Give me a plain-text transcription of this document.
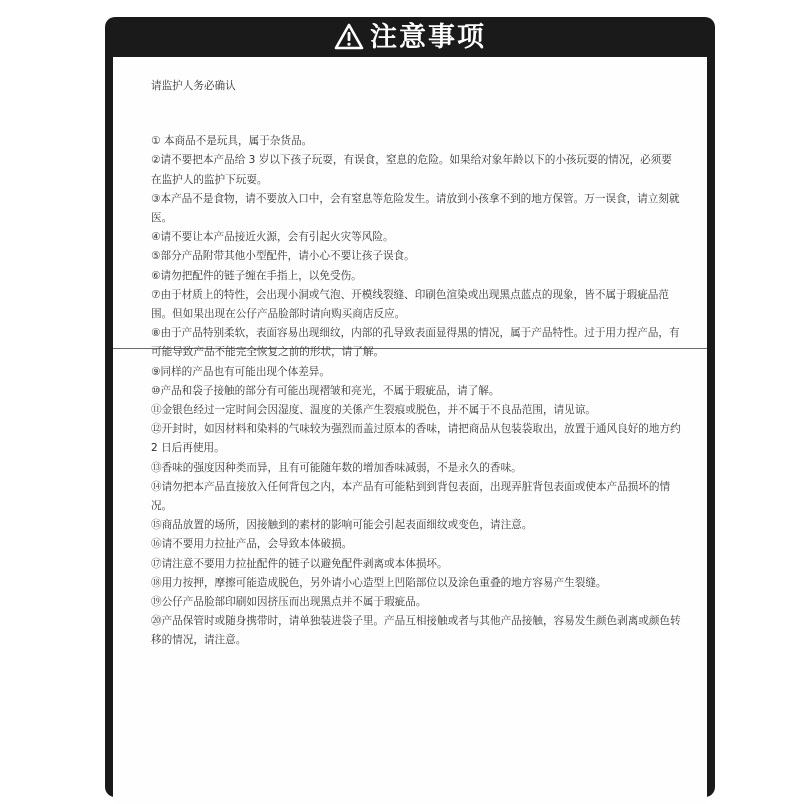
注意事项

请监护人务必确认

① 本商品不是玩具，属于杂货品。
②请不要把本产品给 3 岁以下孩子玩耍，有误食，窒息的危险。如果给对象年龄以下的小孩玩耍的情况，必须要在监护人的监护下玩耍。
③本产品不是食物，请不要放入口中，会有窒息等危险发生。请放到小孩拿不到的地方保管。万一误食，请立刻就医。
④请不要让本产品接近火源，会有引起火灾等风险。
⑤部分产品附带其他小型配件，请小心不要让孩子误食。
⑥请勿把配件的链子缠在手指上，以免受伤。
⑦由于材质上的特性，会出现小洞或气泡、开模线裂缝、印刷色渲染或出现黑点蓝点的现象，皆不属于瑕疵品范围。但如果出现在公仔产品脸部时请向购买商店反应。
⑧由于产品特别柔软，表面容易出现细纹，内部的孔导致表面显得黑的情况，属于产品特性。过于用力捏产品，有可能导致产品不能完全恢复之前的形状，请了解。
⑨同样的产品也有可能出现个体差异。
⑩产品和袋子接触的部分有可能出现褶皱和亮光，不属于瑕疵品，请了解。
⑪金银色经过一定时间会因湿度、温度的关係产生裂痕或脱色，并不属于不良品范围，请见谅。
⑫开封时，如因材料和染料的气味较为强烈而盖过原本的香味，请把商品从包装袋取出，放置于通风良好的地方约 2 日后再使用。
⑬香味的强度因种类而异，且有可能随年数的增加香味减弱，不是永久的香味。
⑭请勿把本产品直接放入任何背包之内，本产品有可能粘到到背包表面，出现弄脏背包表面或使本产品损坏的情况。
⑮商品放置的场所，因接触到的素材的影响可能会引起表面细纹或变色，请注意。
⑯请不要用力拉扯产品，会导致本体破损。
⑰请注意不要用力拉扯配件的链子以避免配件剥离或本体损坏。
⑱用力按押，摩擦可能造成脱色，另外请小心造型上凹陷部位以及涂色重叠的地方容易产生裂缝。
⑲公仔产品脸部印刷如因挤压而出现黑点并不属于瑕疵品。
⑳产品保管时或随身携带时，请单独装进袋子里。产品互相接触或者与其他产品接触，容易发生颜色剥离或颜色转移的情况，请注意。
